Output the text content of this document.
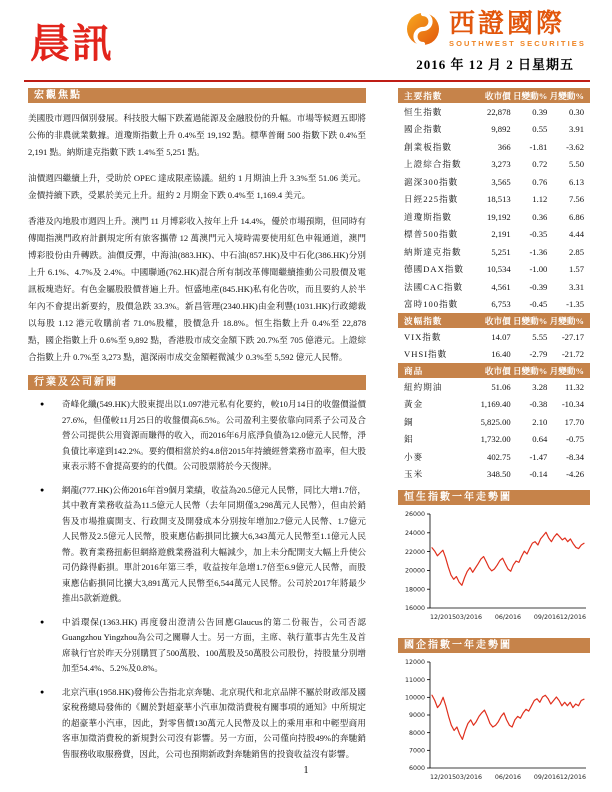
晨訊	西證國際
SOUTHWEST SECURITIES
2016 年 12 月 2 日星期五
宏觀焦點
美國股市週四個別發展。科技股大幅下跌蓋過能源及金融股份的升幅。市場等候週五即將公佈的非農就業數據。道瓊斯指數上升 0.4%至 19,192 點。標準普爾 500 指數下跌 0.4%至 2,191 點。納斯達克指數下跌 1.4%至 5,251 點。
油價週四繼續上升，受助於 OPEC 達成限產協議。紐約 1 月期油上升 3.3%至 51.06 美元。金價持續下跌，受累於美元上升。紐約 2 月期金下跌 0.4%至 1,169.4 美元。
香港及內地股市週四上升。澳門 11 月博彩收入按年上升 14.4%，優於市場預期，但同時有傳聞指澳門政府計劃規定所有旅客攜帶 12 萬澳門元入境時需要使用紅色申報通道，澳門博彩股份由升轉跌。油價反彈，中海油(883.HK)、中石油(857.HK)及中石化(386.HK)分別上升 6.1%、4.7%及 2.4%。中國聯通(762.HK)混合所有制改革傳聞繼續推動公司股價及電訊板塊造好。有色金屬股股價普遍上升。恒盛地產(845.HK)私有化告吹，而且要約人於半年內不會提出新要約，股價急跌 33.3%。新昌管理(2340.HK)由金利豐(1031.HK)行政總裁以每股 1.12 港元收購前者 71.0%股權，股價急升 18.8%。恒生指數上升 0.4%至 22,878 點，國企指數上升 0.6%至 9,892 點，香港股市成交金額下跌 20.7%至 705 億港元。上證綜合指數上升 0.7%至 3,273 點，滬深兩市成交金額輕微減少 0.3%至 5,592 億元人民幣。
行業及公司新聞
● 奇峰化纖(549.HK)大股東提出以1.097港元私有化要約，較10月14日的收盤價溢價27.6%，但僅較11月25日的收盤價高6.5%。公司盈利主要依靠向同系子公司及合營公司提供公用資源而賺得的收入，而2016年6月底淨負債為12.0億元人民幣，淨負債比率達到142.2%。要約價相當於約4.8倍2015年持續經營業務市盈率，但大股東表示將不會提高要約的代價。公司股票將於今天復牌。
● 網龍(777.HK)公佈2016年首9個月業績，收益為20.5億元人民幣，同比大增1.7倍，其中教育業務收益為11.5億元人民幣（去年同期僅3,298萬元人民幣），但由於銷售及市場推廣開支、行政開支及開發成本分別按年增加2.7億元人民幣、1.7億元人民幣及2.5億元人民幣，股東應佔虧損同比擴大6,343萬元人民幣至1.1億元人民幣。教育業務扭虧但網絡遊戲業務溢利大幅減少，加上未分配開支大幅上升使公司仍錄得虧損。單計2016年第三季，收益按年急增1.7倍至6.9億元人民幣，而股東應佔虧損同比擴大3,891萬元人民幣至6,544萬元人民幣。公司於2017年將最少推出5款新遊戲。
● 中滔環保(1363.HK) 再度發出澄清公告回應Glaucus的第二份報告，公司否認Guangzhou Yingzhou為公司之關聯人士。另一方面，主席、執行董事古先生及首席執行官於昨天分別購買了500萬股、100萬股及50萬股公司股份，持股量分別增加至54.4%、5.2%及0.8%。
● 北京汽車(1958.HK)發佈公告指北京奔馳、北京現代和北京品牌不屬於財政部及國家稅務總局發佈的《關於對超豪華小汽車加徵消費稅有關事項的通知》中所規定的超豪華小汽車，因此，對零售價130萬元人民幣及以上的乘用車和中輕型商用客車加徵消費稅的新規對公司沒有影響。另一方面，公司僅向持股49%的奔馳銷售服務收取服務費，因此，公司也預期新政對奔馳銷售的投資收益沒有影響。
主要指數	收市價 日變動% 月變動%
恒生指數	22,878	0.39	0.30
國企指數	9,892	0.55	3.91
創業板指數	366	-1.81	-3.62
上證綜合指數	3,273	0.72	5.50
滬深300指數	3,565	0.76	6.13
日經225指數	18,513	1.12	7.56
道瓊斯指數	19,192	0.36	6.86
標普500指數	2,191	-0.35	4.44
納斯達克指數	5,251	-1.36	2.85
德國DAX指數	10,534	-1.00	1.57
法國CAC指數	4,561	-0.39	3.31
富時100指數	6,753	-0.45	-1.35
波幅指數	收市價 日變動% 月變動%
VIX指數	14.07	5.55	-27.17
VHSI指數	16.40	-2.79	-21.72
商品	收市價 日變動% 月變動%
紐約期油	51.06	3.28	11.32
黃金	1,169.40	-0.38	-10.34
銅	5,825.00	2.10	17.70
鋁	1,732.00	0.64	-0.75
小麥	402.75	-1.47	-8.34
玉米	348.50	-0.14	-4.26
恒生指數一年走勢圖
16000
18000
20000
22000
24000
26000
12/2015 03/2016 06/2016 09/2016 12/2016
國企指數一年走勢圖
6000
7000
8000
9000
10000
11000
12000
12/2015 03/2016 06/2016 09/2016 12/2016
1
